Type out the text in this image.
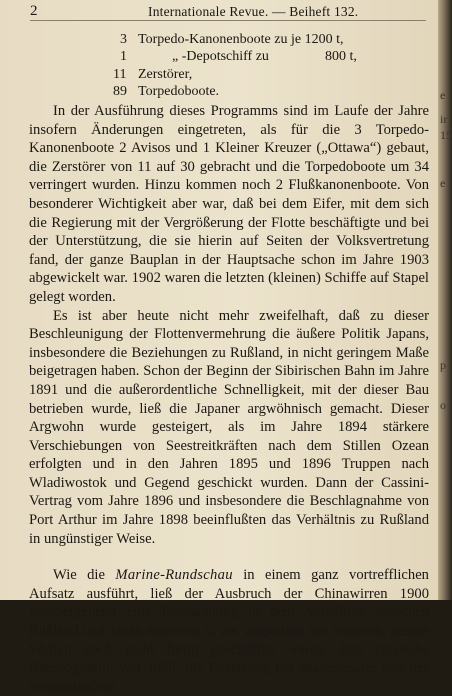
2	Internationale Revue. — Beiheft 132.
3 Torpedo-Kanonenboote zu je 1200 t,
1	„ -Depotschiff zu	800 t,
11 Zerstörer,
89 Torpedoboote.

In der Ausführung dieses Programms sind im Laufe der Jahre insofern Änderungen eingetreten, als für die 3 Torpedo-Kanonenboote 2 Avisos und 1 Kleiner Kreuzer („Ottawa“) gebaut, die Zerstörer von 11 auf 30 gebracht und die Torpedoboote um 34 verringert wurden. Hinzu kommen noch 2 Flußkanonenboote. Von besonderer Wichtigkeit aber war, daß bei dem Eifer, mit dem sich die Regierung mit der Vergrößerung der Flotte beschäftigte und bei der Unterstützung, die sie hierin auf Seiten der Volksvertretung fand, der ganze Bauplan in der Hauptsache schon im Jahre 1903 abgewickelt war. 1902 waren die letzten (kleinen) Schiffe auf Stapel gelegt worden.

Es ist aber heute nicht mehr zweifelhaft, daß zu dieser Beschleunigung der Flottenvermehrung die äußere Politik Japans, insbesondere die Beziehungen zu Rußland, in nicht geringem Maße beigetragen haben. Schon der Beginn der Sibirischen Bahn im Jahre 1891 und die außerordentliche Schnelligkeit, mit der dieser Bau betrieben wurde, ließ die Japaner argwöhnisch gemacht. Dieser Argwohn wurde gesteigert, als im Jahre 1894 stärkere Verschiebungen von Seestreitkräften nach dem Stillen Ozean erfolgten und in den Jahren 1895 und 1896 Truppen nach Wladiwostok und Gegend geschickt wurden. Dann der Cassini-Vertrag vom Jahre 1896 und insbesondere die Beschlagnahme von Port Arthur im Jahre 1898 beeinflußten das Verhältnis zu Rußland in ungünstiger Weise.

Wie die Marine-Rundschau in einem ganz vortrefflichen Aufsatz ausführt, ließ der Ausbruch der Chinawirren 1900 vorübergehend eine Entspannung in dem Verhältnis zwischen Rußland und Japan eintreten, u. zw. zugunsten des letzteren, dessen Waffen noch nicht fertig geschliffen waren. Das russische Bauprogramm von 1898, die Besetzung der Mandschurei und des Vertragshafens

e
ir
15
e
p
o
